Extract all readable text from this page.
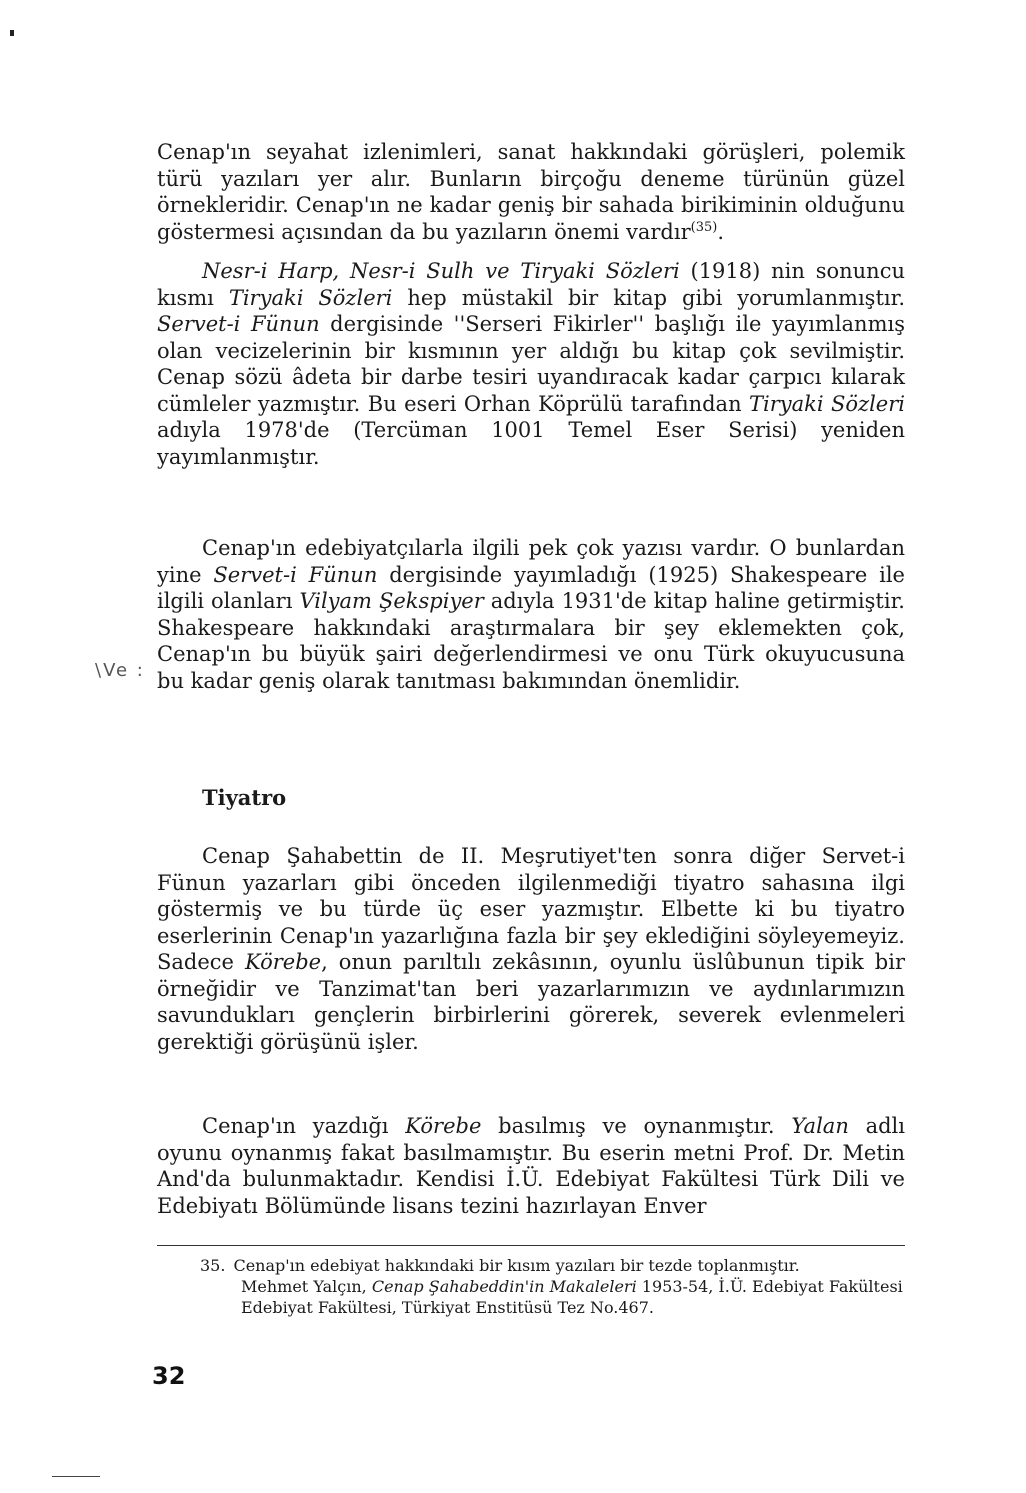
Cenap'ın seyahat izlenimleri, sanat hakkındaki görüşleri, polemik türü yazıları yer alır. Bunların birçoğu deneme türünün güzel örnekleridir. Cenap'ın ne kadar geniş bir sahada birikiminin olduğunu göstermesi açısından da bu yazıların önemi vardır$^{(35)}$.

Nesr-i Harp, Nesr-i Sulh ve Tiryaki Sözleri (1918) nin sonuncu kısmı Tiryaki Sözleri hep müstakil bir kitap gibi yorumlanmıştır. Servet-i Fünun dergisinde ''Serseri Fikirler'' başlığı ile yayımlanmış olan vecizelerinin bir kısmının yer aldığı bu kitap çok sevilmiştir. Cenap sözü âdeta bir darbe tesiri uyandıracak kadar çarpıcı kılarak cümleler yazmıştır. Bu eseri Orhan Köprülü tarafından Tiryaki Sözleri adıyla 1978'de (Tercüman 1001 Temel Eser Serisi) yeniden yayımlanmıştır.

Cenap'ın edebiyatçılarla ilgili pek çok yazısı vardır. O bunlardan yine Servet-i Fünun dergisinde yayımladığı (1925) Shakespeare ile ilgili olanları Vilyam Şekspiyer adıyla 1931'de kitap haline getirmiştir. Shakespeare hakkındaki araştırmalara bir şey eklemekten çok, Cenap'ın bu büyük şairi değerlendirmesi ve onu Türk okuyucusuna bu kadar geniş olarak tanıtması bakımından önemlidir.

\Ve :
Tiyatro

Cenap Şahabettin de II. Meşrutiyet'ten sonra diğer Servet-i Fünun yazarları gibi önceden ilgilenmediği tiyatro sahasına ilgi göstermiş ve bu türde üç eser yazmıştır. Elbette ki bu tiyatro eserlerinin Cenap'ın yazarlığına fazla bir şey eklediğini söyleyemeyiz. Sadece Körebe, onun parıltılı zekâsının, oyunlu üslûbunun tipik bir örneğidir ve Tanzimat'tan beri yazarlarımızın ve aydınlarımızın savundukları gençlerin birbirlerini görerek, severek evlenmeleri gerektiği görüşünü işler.

Cenap'ın yazdığı Körebe basılmış ve oynanmıştır. Yalan adlı oyunu oynanmış fakat basılmamıştır. Bu eserin metni Prof. Dr. Metin And'da bulunmaktadır. Kendisi İ.Ü. Edebiyat Fakültesi Türk Dili ve Edebiyatı Bölümünde lisans tezini hazırlayan Enver

35. Cenap'ın edebiyat hakkındaki bir kısım yazıları bir tezde toplanmıştır.
Mehmet Yalçın, Cenap Şahabeddin'in Makaleleri 1953-54, İ.Ü. Edebiyat Fakültesi Edebiyat Fakültesi, Türkiyat Enstitüsü Tez No.467.
32
